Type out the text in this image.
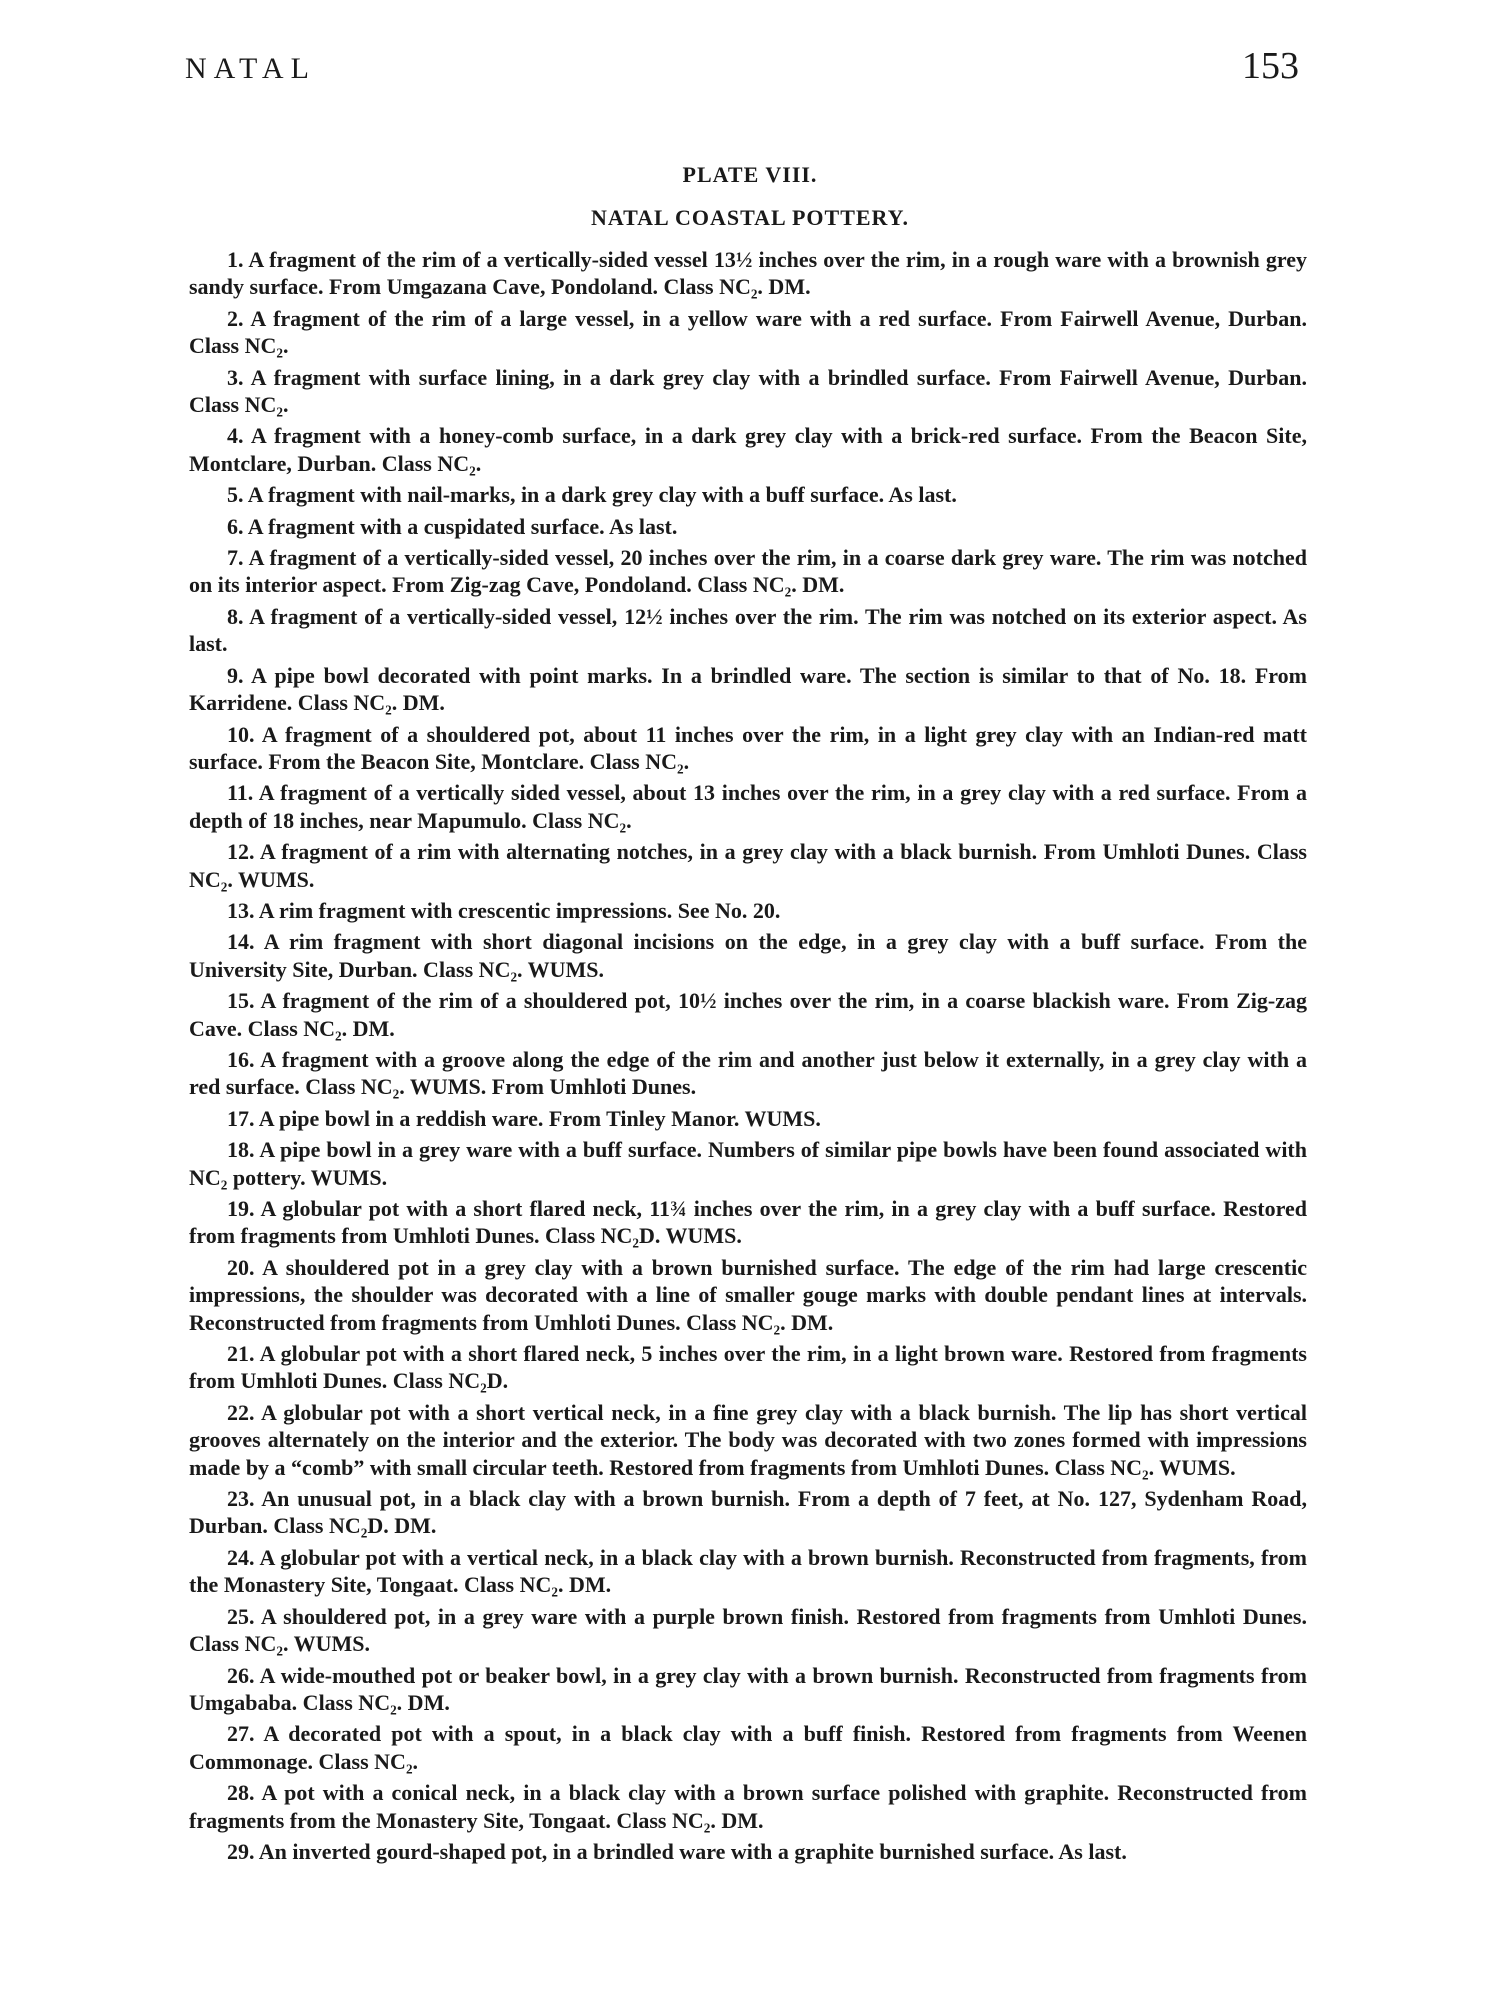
NATAL	153
PLATE VIII.
NATAL COASTAL POTTERY.

1. A fragment of the rim of a vertically-sided vessel 13½ inches over the rim, in a rough ware with a brownish grey sandy surface. From Umgazana Cave, Pondoland. Class NC₂. DM.

2. A fragment of the rim of a large vessel, in a yellow ware with a red surface. From Fairwell Avenue, Durban. Class NC₂.

3. A fragment with surface lining, in a dark grey clay with a brindled surface. From Fairwell Avenue, Durban. Class NC₂.

4. A fragment with a honey-comb surface, in a dark grey clay with a brick-red surface. From the Beacon Site, Montclare, Durban. Class NC₂.

5. A fragment with nail-marks, in a dark grey clay with a buff surface. As last.

6. A fragment with a cuspidated surface. As last.

7. A fragment of a vertically-sided vessel, 20 inches over the rim, in a coarse dark grey ware. The rim was notched on its interior aspect. From Zig-zag Cave, Pondoland. Class NC₂. DM.

8. A fragment of a vertically-sided vessel, 12½ inches over the rim. The rim was notched on its exterior aspect. As last.

9. A pipe bowl decorated with point marks. In a brindled ware. The section is similar to that of No. 18. From Karridene. Class NC₂. DM.

10. A fragment of a shouldered pot, about 11 inches over the rim, in a light grey clay with an Indian-red matt surface. From the Beacon Site, Montclare. Class NC₂.

11. A fragment of a vertically sided vessel, about 13 inches over the rim, in a grey clay with a red surface. From a depth of 18 inches, near Mapumulo. Class NC₂.

12. A fragment of a rim with alternating notches, in a grey clay with a black burnish. From Umhloti Dunes. Class NC₂. WUMS.

13. A rim fragment with crescentic impressions. See No. 20.

14. A rim fragment with short diagonal incisions on the edge, in a grey clay with a buff surface. From the University Site, Durban. Class NC₂. WUMS.

15. A fragment of the rim of a shouldered pot, 10½ inches over the rim, in a coarse blackish ware. From Zig-zag Cave. Class NC₂. DM.

16. A fragment with a groove along the edge of the rim and another just below it externally, in a grey clay with a red surface. Class NC₂. WUMS. From Umhloti Dunes.

17. A pipe bowl in a reddish ware. From Tinley Manor. WUMS.

18. A pipe bowl in a grey ware with a buff surface. Numbers of similar pipe bowls have been found associated with NC₂ pottery. WUMS.

19. A globular pot with a short flared neck, 11¾ inches over the rim, in a grey clay with a buff surface. Restored from fragments from Umhloti Dunes. Class NC₂D. WUMS.

20. A shouldered pot in a grey clay with a brown burnished surface. The edge of the rim had large crescentic impressions, the shoulder was decorated with a line of smaller gouge marks with double pendant lines at intervals. Reconstructed from fragments from Umhloti Dunes. Class NC₂. DM.

21. A globular pot with a short flared neck, 5 inches over the rim, in a light brown ware. Restored from fragments from Umhloti Dunes. Class NC₂D.

22. A globular pot with a short vertical neck, in a fine grey clay with a black burnish. The lip has short vertical grooves alternately on the interior and the exterior. The body was decorated with two zones formed with impressions made by a “comb” with small circular teeth. Restored from fragments from Umhloti Dunes. Class NC₂. WUMS.

23. An unusual pot, in a black clay with a brown burnish. From a depth of 7 feet, at No. 127, Sydenham Road, Durban. Class NC₂D. DM.

24. A globular pot with a vertical neck, in a black clay with a brown burnish. Reconstructed from fragments, from the Monastery Site, Tongaat. Class NC₂. DM.

25. A shouldered pot, in a grey ware with a purple brown finish. Restored from fragments from Umhloti Dunes. Class NC₂. WUMS.

26. A wide-mouthed pot or beaker bowl, in a grey clay with a brown burnish. Reconstructed from fragments from Umgababa. Class NC₂. DM.

27. A decorated pot with a spout, in a black clay with a buff finish. Restored from fragments from Weenen Commonage. Class NC₂.

28. A pot with a conical neck, in a black clay with a brown surface polished with graphite. Reconstructed from fragments from the Monastery Site, Tongaat. Class NC₂. DM.

29. An inverted gourd-shaped pot, in a brindled ware with a graphite burnished surface. As last.
